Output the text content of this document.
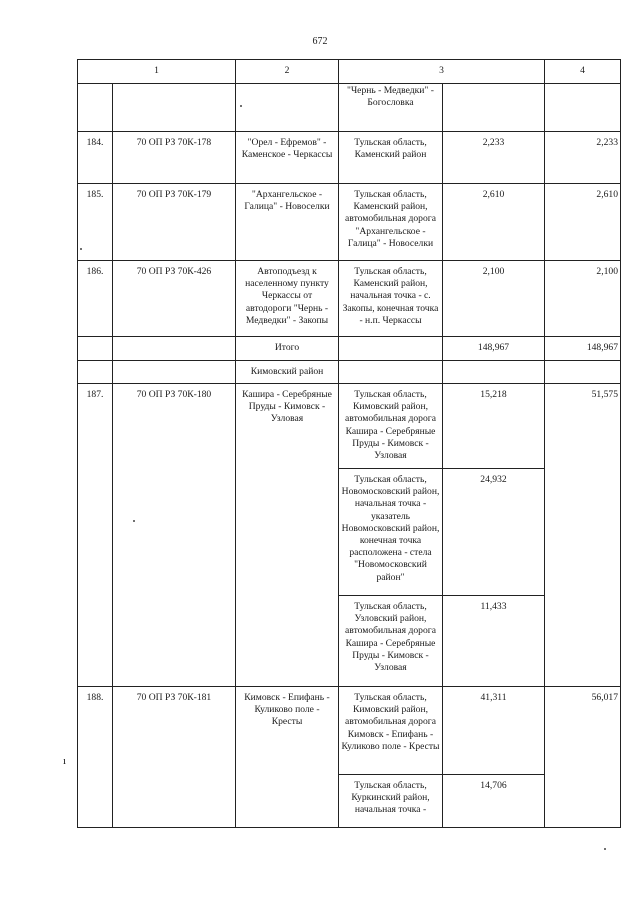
672
1		2	3		4
			"Чернь - Медведки" - Богословка		
184.	70 ОП РЗ 70К-178	"Орел - Ефремов" - Каменское - Черкассы	Тульская область, Каменский район	2,233	2,233
185.	70 ОП РЗ 70К-179	"Архангельское - Галица" - Новоселки	Тульская область, Каменский район, автомобильная дорога "Архангельское - Галица" - Новоселки	2,610	2,610
186.	70 ОП РЗ 70К-426	Автоподъезд к населенному пункту Черкассы от автодороги "Чернь - Медведки" - Закопы	Тульская область, Каменский район, начальная точка - с. Закопы, конечная точка - н.п. Черкассы	2,100	2,100
		Итого		148,967	148,967
		Кимовский район			
187.	70 ОП РЗ 70К-180	Кашира - Серебряные Пруды - Кимовск - Узловая	Тульская область, Кимовский район, автомобильная дорога Кашира - Серебряные Пруды - Кимовск - Узловая	15,218	51,575
			Тульская область, Новомосковский район, начальная точка - указатель Новомосковский район, конечная точка расположена - стела "Новомосковский район"	24,932	
			Тульская область, Узловский район, автомобильная дорога Кашира - Серебряные Пруды - Кимовск - Узловая	11,433	
188.	70 ОП РЗ 70К-181	Кимовск - Епифань - Куликово поле - Кресты	Тульская область, Кимовский район, автомобильная дорога Кимовск - Епифань - Куликово поле - Кресты	41,311	56,017
			Тульская область, Куркинский район, начальная точка -	14,706	
ı
